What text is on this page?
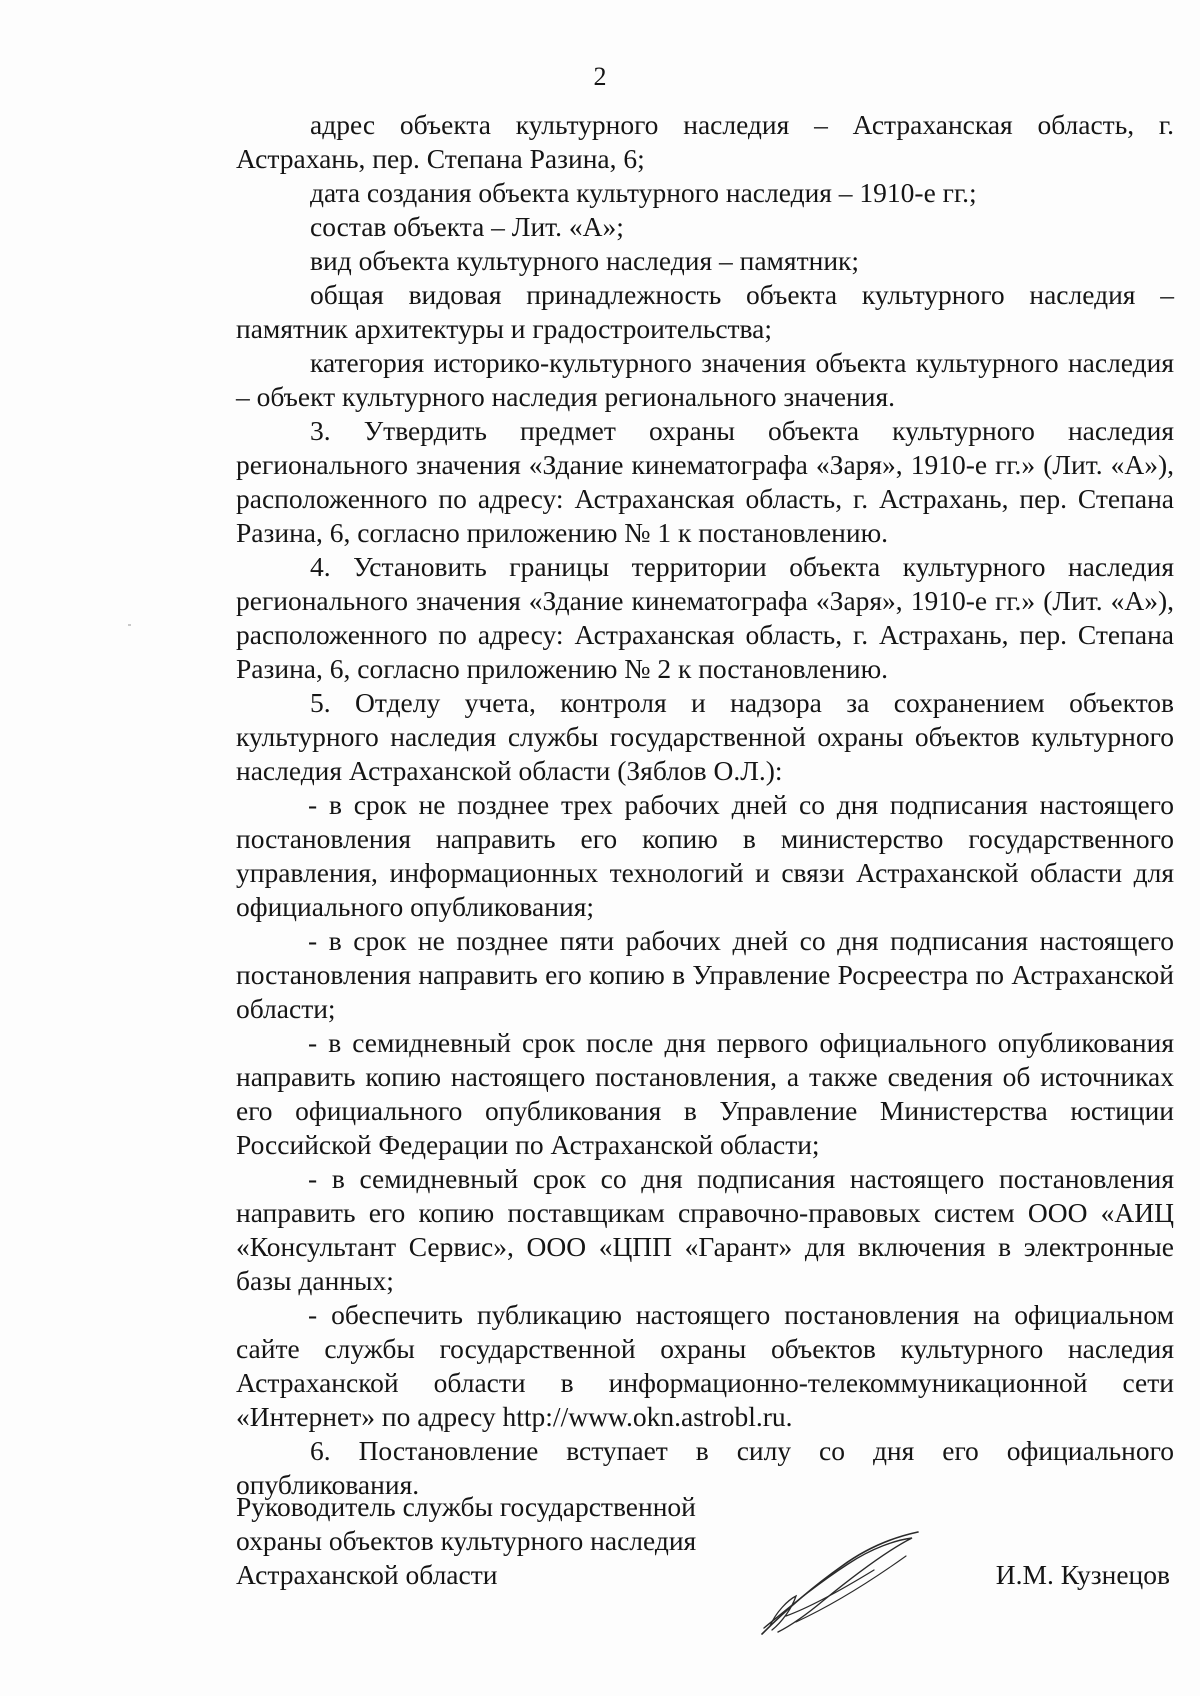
2

адрес объекта культурного наследия – Астраханская область, г. Астрахань, пер. Степана Разина, 6;

дата создания объекта культурного наследия – 1910-е гг.;

состав объекта – Лит. «А»;

вид объекта культурного наследия – памятник;

общая видовая принадлежность объекта культурного наследия – памятник архитектуры и градостроительства;

категория историко-культурного значения объекта культурного наследия – объект культурного наследия регионального значения.

3. Утвердить предмет охраны объекта культурного наследия регионального значения «Здание кинематографа «Заря», 1910-е гг.» (Лит. «А»), расположенного по адресу: Астраханская область, г. Астрахань, пер. Степана Разина, 6, согласно приложению № 1 к постановлению.

4. Установить границы территории объекта культурного наследия регионального значения «Здание кинематографа «Заря», 1910-е гг.» (Лит. «А»), расположенного по адресу: Астраханская область, г. Астрахань, пер. Степана Разина, 6, согласно приложению № 2 к постановлению.

5. Отделу учета, контроля и надзора за сохранением объектов культурного наследия службы государственной охраны объектов культурного наследия Астраханской области (Зяблов О.Л.):

- в срок не позднее трех рабочих дней со дня подписания настоящего постановления направить его копию в министерство государственного управления, информационных технологий и связи Астраханской области для официального опубликования;

- в срок не позднее пяти рабочих дней со дня подписания настоящего постановления направить его копию в Управление Росреестра по Астраханской области;

- в семидневный срок после дня первого официального опубликования направить копию настоящего постановления, а также сведения об источниках его официального опубликования в Управление Министерства юстиции Российской Федерации по Астраханской области;

- в семидневный срок со дня подписания настоящего постановления направить его копию поставщикам справочно-правовых систем ООО «АИЦ «Консультант Сервис», ООО «ЦПП «Гарант» для включения в электронные базы данных;

- обеспечить публикацию настоящего постановления на официальном сайте службы государственной охраны объектов культурного наследия Астраханской области в информационно-телекоммуникационной сети «Интернет» по адресу http://www.okn.astrobl.ru.

6. Постановление вступает в силу со дня его официального опубликования.

Руководитель службы государственной
охраны объектов культурного наследия
Астраханской области	И.М. Кузнецов
